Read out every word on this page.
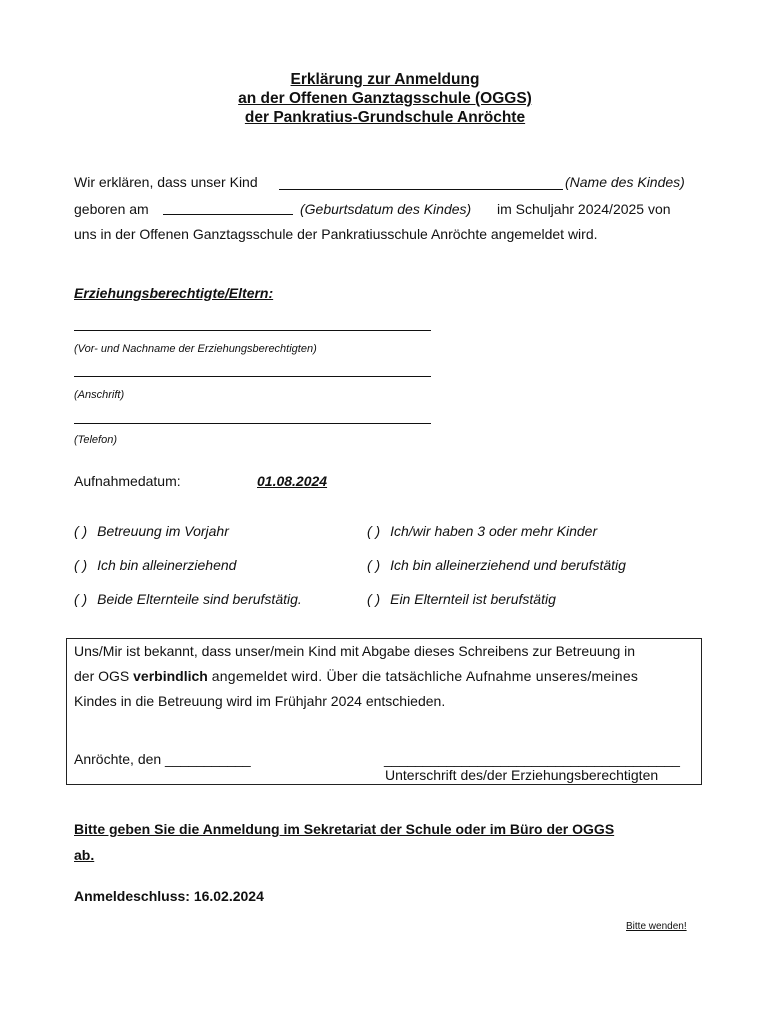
Erklärung zur Anmeldung
an der Offenen Ganztagsschule (OGGS)
der Pankratius-Grundschule Anröchte
Wir erklären, dass unser Kind	(Name des Kindes)
geboren am	(Geburtsdatum des Kindes) im Schuljahr 2024/2025 von
uns in der Offenen Ganztagsschule der Pankratiusschule Anröchte angemeldet wird.
Erziehungsberechtigte/Eltern:
(Vor- und Nachname der Erziehungsberechtigten)
(Anschrift)
(Telefon)
Aufnahmedatum:	01.08.2024
( ) Betreuung im Vorjahr	( ) Ich/wir haben 3 oder mehr Kinder
( ) Ich bin alleinerziehend	( ) Ich bin alleinerziehend und berufstätig
( ) Beide Elternteile sind berufstätig.	( ) Ein Elternteil ist berufstätig
Uns/Mir ist bekannt, dass unser/mein Kind mit Abgabe dieses Schreibens zur Betreuung in
der OGS verbindlich angemeldet wird. Über die tatsächliche Aufnahme unseres/meines
Kindes in die Betreuung wird im Frühjahr 2024 entschieden.
Anröchte, den ___________	______________________________________
Unterschrift des/der Erziehungsberechtigten
Bitte geben Sie die Anmeldung im Sekretariat der Schule oder im Büro der OGGS
ab.
Anmeldeschluss: 16.02.2024
Bitte wenden!
